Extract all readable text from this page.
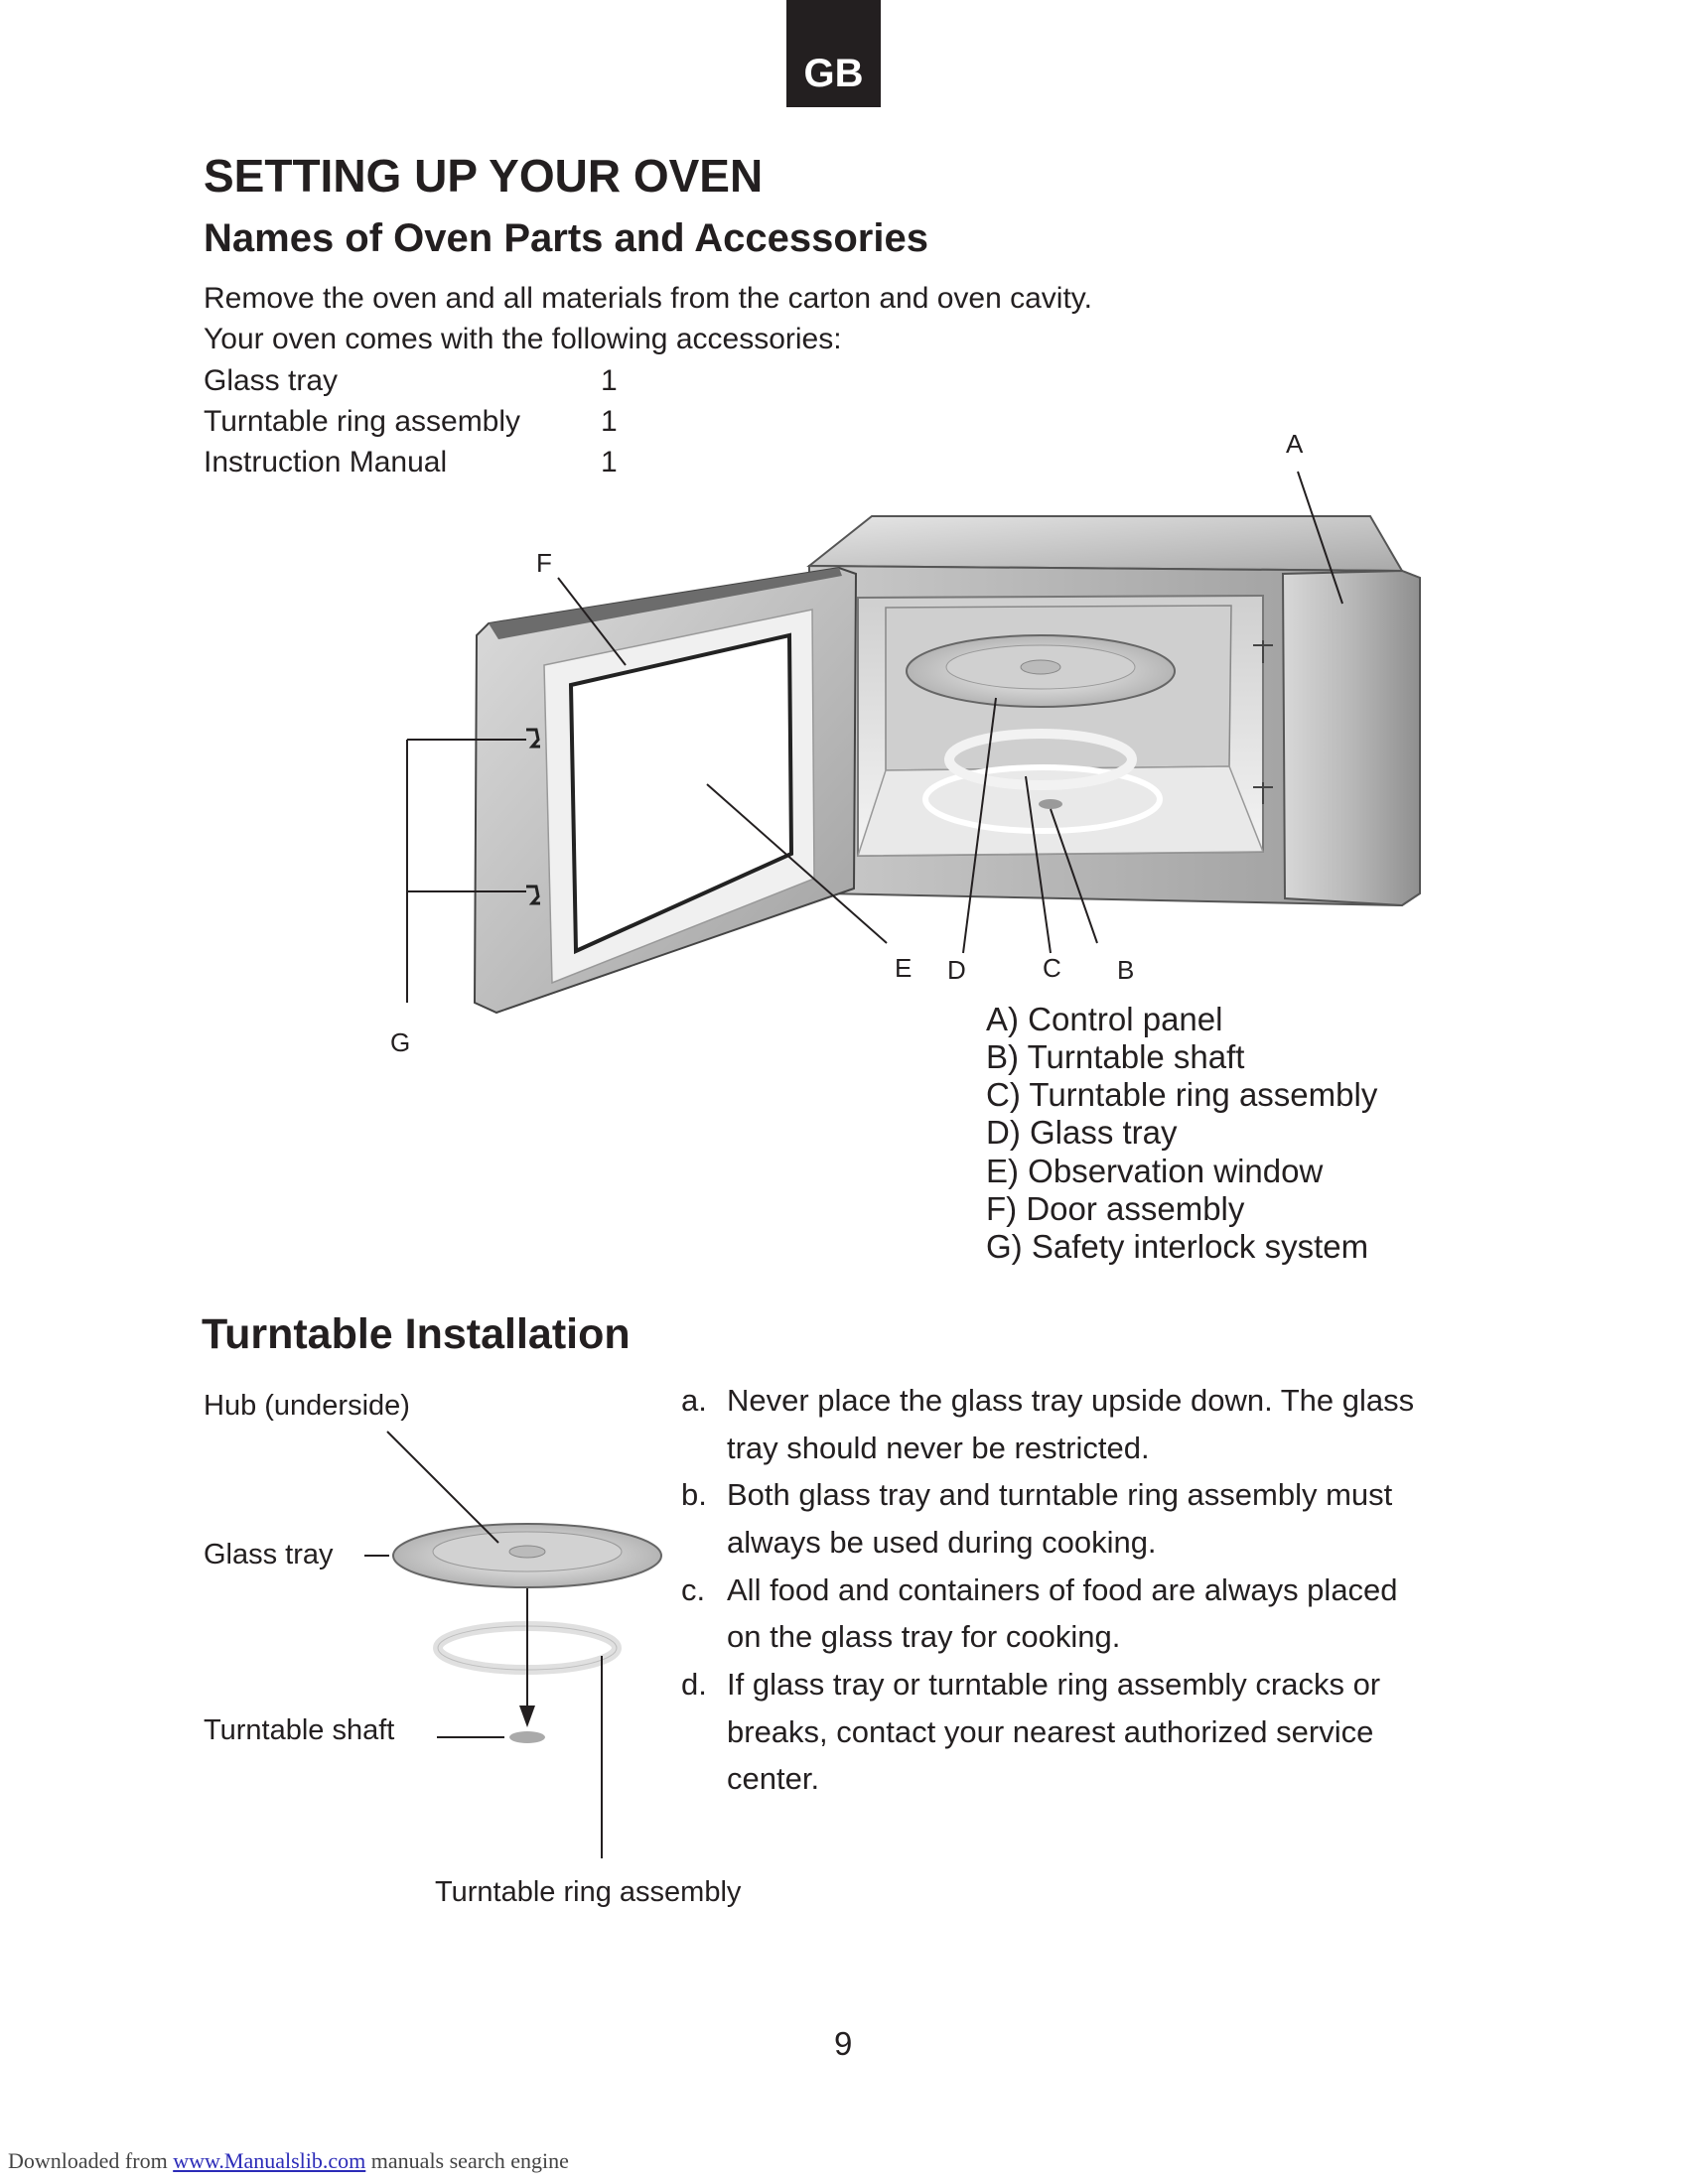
GB
SETTING UP YOUR OVEN
Names of Oven Parts and Accessories

Remove the oven and all materials from the carton and oven cavity.

Your oven comes with the following accessories:

Glass tray	1
Turntable ring assembly	1
Instruction Manual	1
A
F
G
E D	C B
A) Control panel
B) Turntable shaft
C) Turntable ring assembly
D) Glass tray
E) Observation window
F) Door assembly
G) Safety interlock system
Turntable Installation
Hub (underside)
Glass tray
Turntable shaft
Turntable ring assembly
a. Never place the glass tray upside down. The glass
tray should never be restricted.
b. Both glass tray and turntable ring assembly must
always be used during cooking.
c. All food and containers of food are always placed
on the glass tray for cooking.
d. If glass tray or turntable ring assembly cracks or
breaks, contact your nearest authorized service
center.
9
Downloaded from www.Manualslib.com manuals search engine
